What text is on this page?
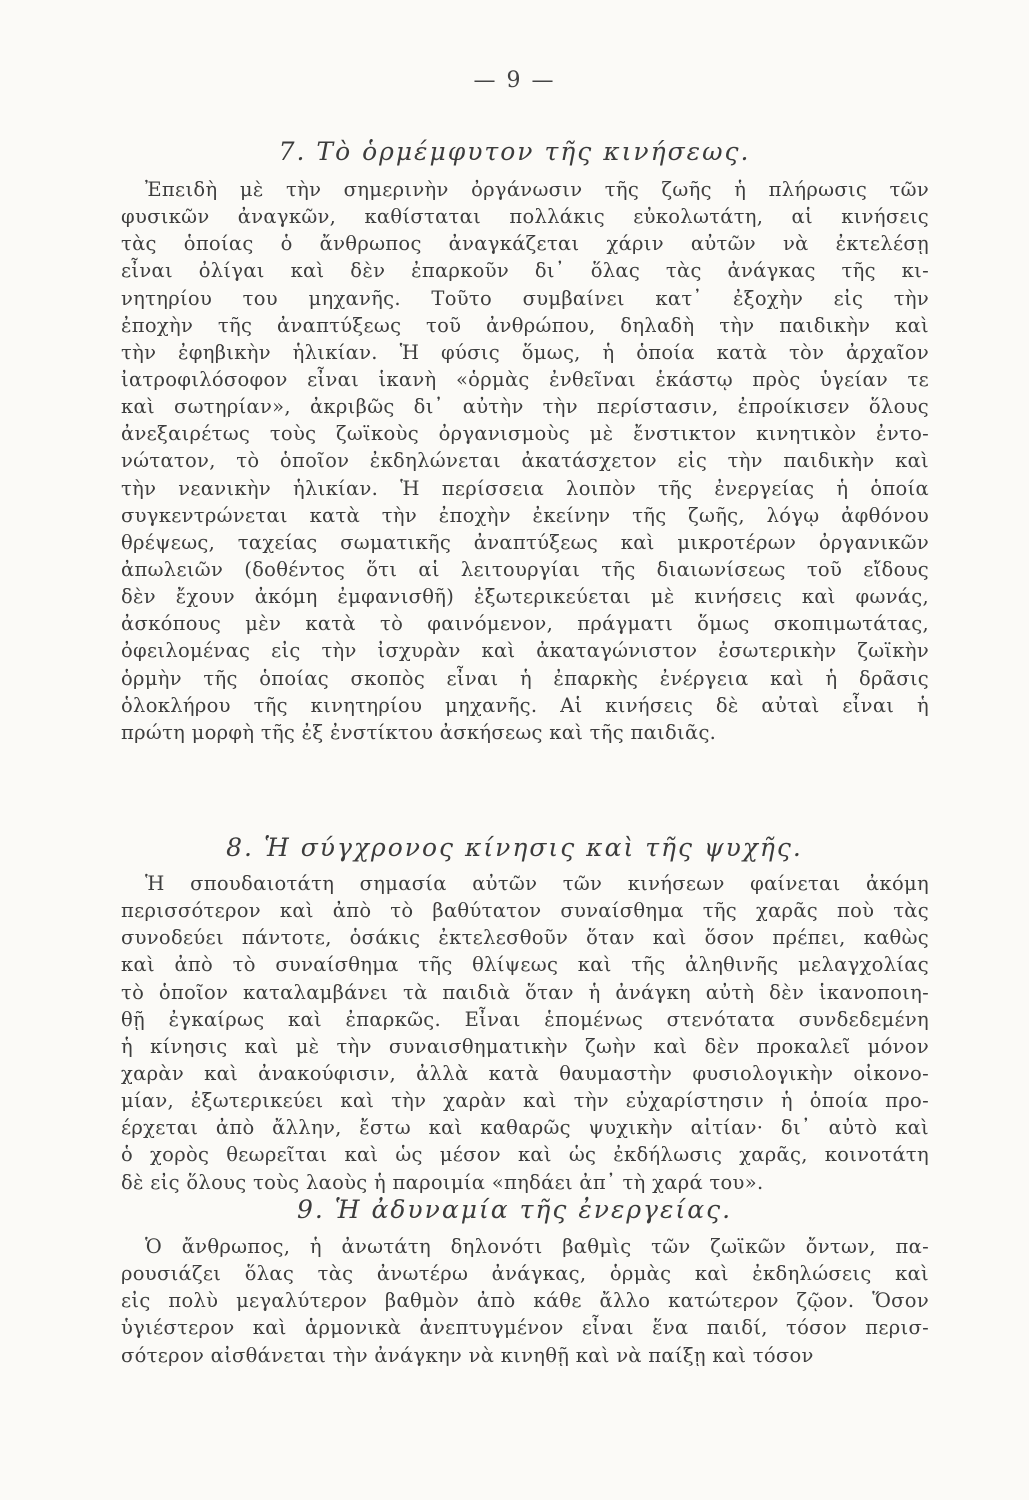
— 9 —
7. Τὸ ὁρμέμφυτον τῆς κινήσεως.
Ἐπειδὴ μὲ τὴν σημερινὴν ὀργάνωσιν τῆς ζωῆς ἡ πλήρωσις τῶν
φυσικῶν ἀναγκῶν, καθίσταται πολλάκις εὐκολωτάτη, αἱ κινήσεις
τὰς ὁποίας ὁ ἄνθρωπος ἀναγκάζεται χάριν αὐτῶν νὰ ἐκτελέσῃ
εἶναι ὀλίγαι καὶ δὲν ἐπαρκοῦν δι᾿ ὅλας τὰς ἀνάγκας τῆς κι-
νητηρίου του μηχανῆς. Τοῦτο συμβαίνει κατ᾿ ἐξοχὴν εἰς τὴν
ἐποχὴν τῆς ἀναπτύξεως τοῦ ἀνθρώπου, δηλαδὴ τὴν παιδικὴν καὶ
τὴν ἐφηβικὴν ἡλικίαν. Ἡ φύσις ὅμως, ἡ ὁποία κατὰ τὸν ἀρχαῖον
ἰατροφιλόσοφον εἶναι ἱκανὴ «ὁρμὰς ἐνθεῖναι ἑκάστῳ πρὸς ὑγείαν τε
καὶ σωτηρίαν», ἀκριβῶς δι᾿ αὐτὴν τὴν περίστασιν, ἐπροίκισεν ὅλους
ἀνεξαιρέτως τοὺς ζωϊκοὺς ὀργανισμοὺς μὲ ἔνστικτον κινητικὸν ἐντο-
νώτατον, τὸ ὁποῖον ἐκδηλώνεται ἀκατάσχετον εἰς τὴν παιδικὴν καὶ
τὴν νεανικὴν ἡλικίαν. Ἡ περίσσεια λοιπὸν τῆς ἐνεργείας ἡ ὁποία
συγκεντρώνεται κατὰ τὴν ἐποχὴν ἐκείνην τῆς ζωῆς, λόγῳ ἀφθόνου
θρέψεως, ταχείας σωματικῆς ἀναπτύξεως καὶ μικροτέρων ὀργανικῶν
ἀπωλειῶν (δοθέντος ὅτι αἱ λειτουργίαι τῆς διαιωνίσεως τοῦ εἴδους
δὲν ἔχουν ἀκόμη ἐμφανισθῆ) ἐξωτερικεύεται μὲ κινήσεις καὶ φωνάς,
ἀσκόπους μὲν κατὰ τὸ φαινόμενον, πράγματι ὅμως σκοπιμωτάτας,
ὀφειλομένας εἰς τὴν ἰσχυρὰν καὶ ἀκαταγώνιστον ἐσωτερικὴν ζωϊκὴν
ὁρμὴν τῆς ὁποίας σκοπὸς εἶναι ἡ ἐπαρκὴς ἐνέργεια καὶ ἡ δρᾶσις
ὁλοκλήρου τῆς κινητηρίου μηχανῆς. Αἱ κινήσεις δὲ αὐταὶ εἶναι ἡ
πρώτη μορφὴ τῆς ἐξ ἐνστίκτου ἀσκήσεως καὶ τῆς παιδιᾶς.
8. Ἡ σύγχρονος κίνησις καὶ τῆς ψυχῆς.
Ἡ σπουδαιοτάτη σημασία αὐτῶν τῶν κινήσεων φαίνεται ἀκόμη
περισσότερον καὶ ἀπὸ τὸ βαθύτατον συναίσθημα τῆς χαρᾶς ποὺ τὰς
συνοδεύει πάντοτε, ὁσάκις ἐκτελεσθοῦν ὅταν καὶ ὅσον πρέπει, καθὼς
καὶ ἀπὸ τὸ συναίσθημα τῆς θλίψεως καὶ τῆς ἀληθινῆς μελαγχολίας
τὸ ὁποῖον καταλαμβάνει τὰ παιδιὰ ὅταν ἡ ἀνάγκη αὐτὴ δὲν ἱκανοποιη-
θῇ ἐγκαίρως καὶ ἐπαρκῶς. Εἶναι ἑπομένως στενότατα συνδεδεμένη
ἡ κίνησις καὶ μὲ τὴν συναισθηματικὴν ζωὴν καὶ δὲν προκαλεῖ μόνον
χαρὰν καὶ ἀνακούφισιν, ἀλλὰ κατὰ θαυμαστὴν φυσιολογικὴν οἰκονο-
μίαν, ἐξωτερικεύει καὶ τὴν χαρὰν καὶ τὴν εὐχαρίστησιν ἡ ὁποία προ-
έρχεται ἀπὸ ἄλλην, ἔστω καὶ καθαρῶς ψυχικὴν αἰτίαν· δι᾿ αὐτὸ καὶ
ὁ χορὸς θεωρεῖται καὶ ὡς μέσον καὶ ὡς ἐκδήλωσις χαρᾶς, κοινοτάτη
δὲ εἰς ὅλους τοὺς λαοὺς ἡ παροιμία «πηδάει ἀπ᾿ τὴ χαρά του».
9. Ἡ ἀδυναμία τῆς ἐνεργείας.
Ὁ ἄνθρωπος, ἡ ἀνωτάτη δηλονότι βαθμὶς τῶν ζωϊκῶν ὄντων, πα-
ρουσιάζει ὅλας τὰς ἀνωτέρω ἀνάγκας, ὁρμὰς καὶ ἐκδηλώσεις καὶ
εἰς πολὺ μεγαλύτερον βαθμὸν ἀπὸ κάθε ἄλλο κατώτερον ζῷον. Ὅσον
ὑγιέστερον καὶ ἁρμονικὰ ἀνεπτυγμένον εἶναι ἕνα παιδί, τόσον περισ-
σότερον αἰσθάνεται τὴν ἀνάγκην νὰ κινηθῇ καὶ νὰ παίξῃ καὶ τόσον
